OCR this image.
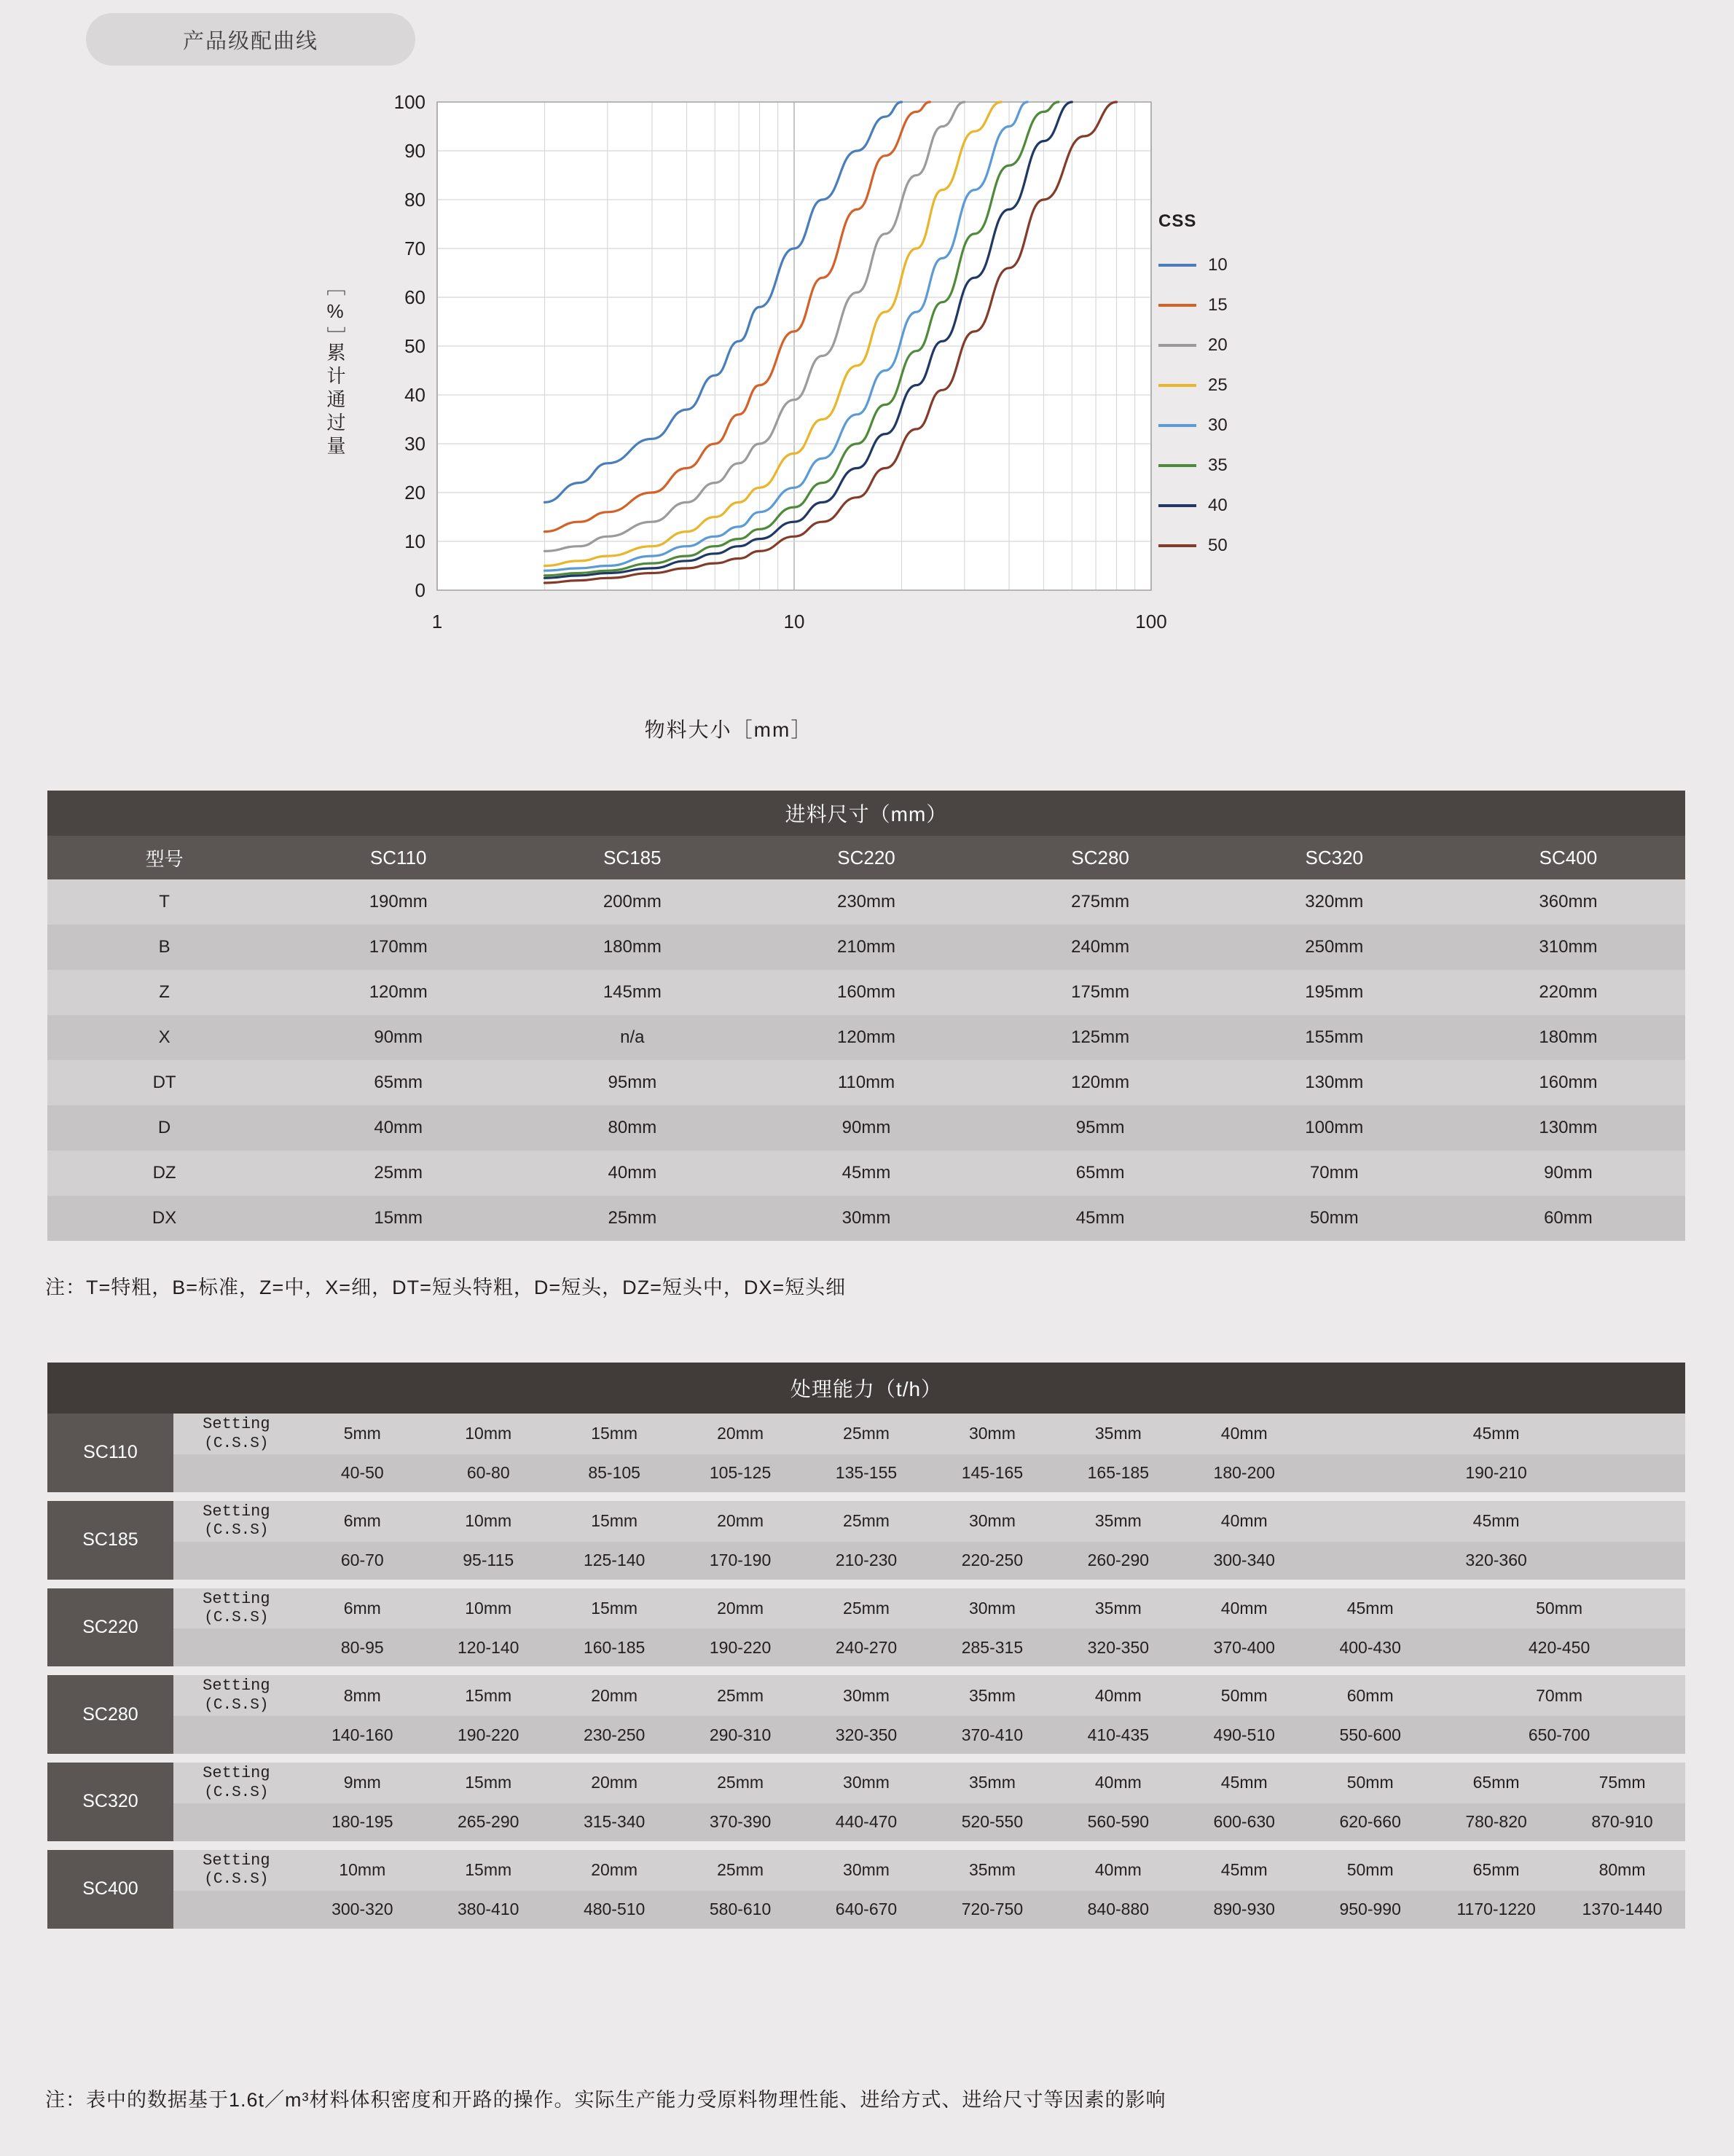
产品级配曲线
［%］
累计通过量
0
10
20
30
40
50
60
70
80
90
100
1	10	100
物料大小［mm］
CSS
10
15
20
25
30
35
40
50
进料尺寸（mm）						
型号	SC110	SC185	SC220	SC280	SC320	SC400
T	190mm	200mm	230mm	275mm	320mm	360mm
B	170mm	180mm	210mm	240mm	250mm	310mm
Z	120mm	145mm	160mm	175mm	195mm	220mm
X	90mm	n/a	120mm	125mm	155mm	180mm
DT	65mm	95mm	110mm	120mm	130mm	160mm
D	40mm	80mm	90mm	95mm	100mm	130mm
DZ	25mm	40mm	45mm	65mm	70mm	90mm
DX	15mm	25mm	30mm	45mm	50mm	60mm
注：T=特粗，B=标准，Z=中，X=细，DT=短头特粗，D=短头，DZ=短头中，DX=短头细
处理能力（t/h）												
SC110	Setting
(C.S.S)	5mm	10mm	15mm	20mm	25mm	30mm	35mm	40mm	45mm		
		40-50	60-80	85-105	105-125	135-155	145-165	165-185	180-200	190-210		

SC185	Setting
(C.S.S)	6mm	10mm	15mm	20mm	25mm	30mm	35mm	40mm	45mm		
		60-70	95-115	125-140	170-190	210-230	220-250	260-290	300-340	320-360		

SC220	Setting
(C.S.S)	6mm	10mm	15mm	20mm	25mm	30mm	35mm	40mm	45mm	50mm	
		80-95	120-140	160-185	190-220	240-270	285-315	320-350	370-400	400-430	420-450	

SC280	Setting
(C.S.S)	8mm	15mm	20mm	25mm	30mm	35mm	40mm	50mm	60mm	70mm	
		140-160	190-220	230-250	290-310	320-350	370-410	410-435	490-510	550-600	650-700	

SC320	Setting
(C.S.S)	9mm	15mm	20mm	25mm	30mm	35mm	40mm	45mm	50mm	65mm	75mm
		180-195	265-290	315-340	370-390	440-470	520-550	560-590	600-630	620-660	780-820	870-910

SC400	Setting
(C.S.S)	10mm	15mm	20mm	25mm	30mm	35mm	40mm	45mm	50mm	65mm	80mm
		300-320	380-410	480-510	580-610	640-670	720-750	840-880	890-930	950-990	1170-1220	1370-1440
注：表中的数据基于1.6t／m³材料体积密度和开路的操作。实际生产能力受原料物理性能、进给方式、进给尺寸等因素的影响
